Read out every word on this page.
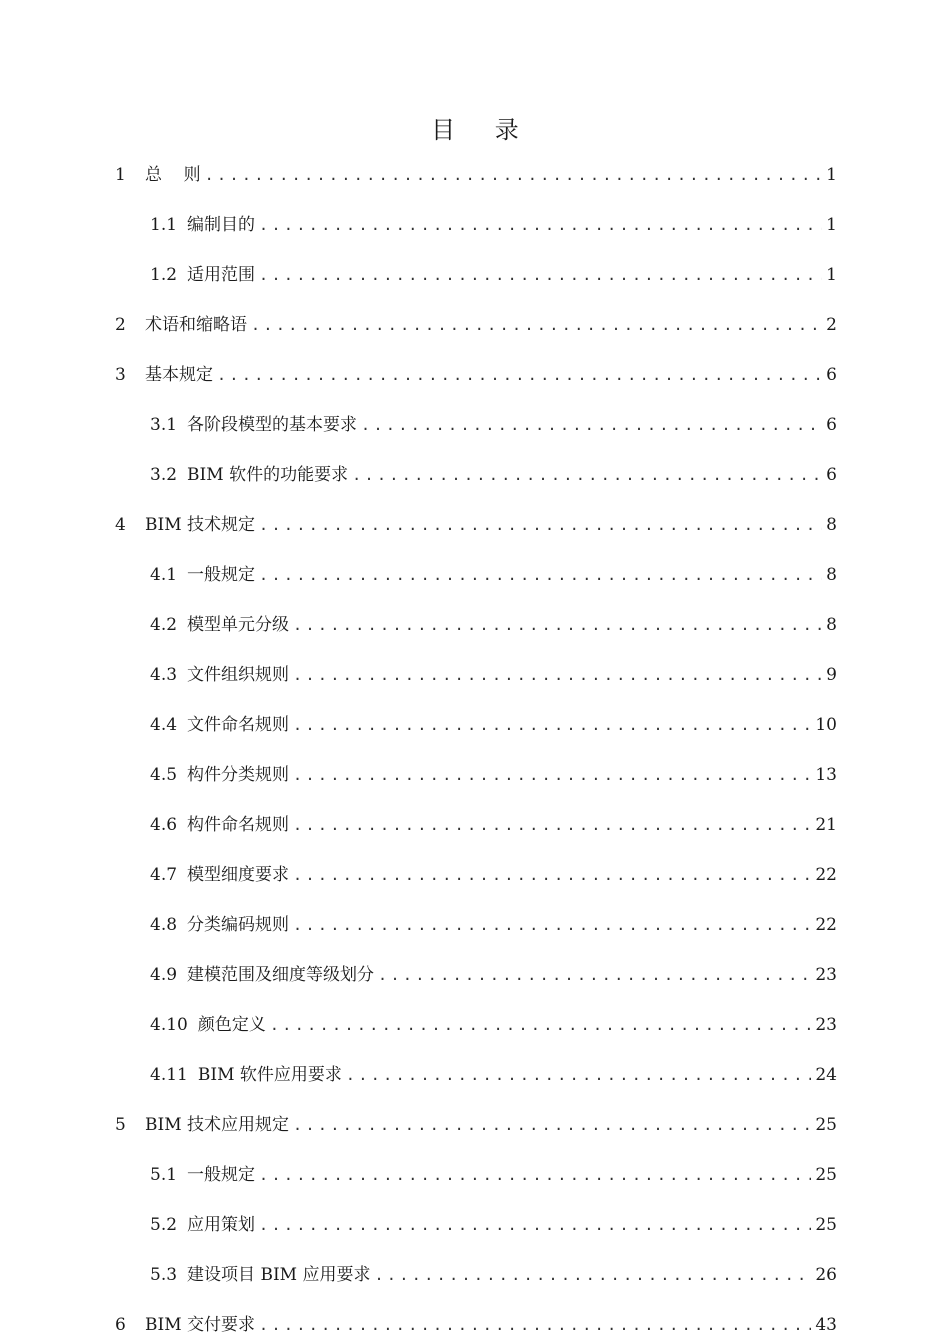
目 录
1	总    则 .....	1
1.1 编制目的 .....	1
1.2 适用范围 .....	1
2	术语和缩略语 .....	2
3	基本规定 .....	6
3.1 各阶段模型的基本要求 .....	6
3.2 BIM 软件的功能要求 .....	6
4	BIM 技术规定 .....	8
4.1 一般规定 .....	8
4.2 模型单元分级 .....	8
4.3 文件组织规则 .....	9
4.4 文件命名规则 .....	10
4.5 构件分类规则 .....	13
4.6 构件命名规则 .....	21
4.7 模型细度要求 .....	22
4.8 分类编码规则 .....	22
4.9 建模范围及细度等级划分 .....	23
4.10 颜色定义 .....	23
4.11 BIM 软件应用要求 .....	24
5	BIM 技术应用规定 .....	25
5.1 一般规定 .....	25
5.2 应用策划 .....	25
5.3 建设项目 BIM 应用要求 .....	26
6	BIM 交付要求 .....	43
